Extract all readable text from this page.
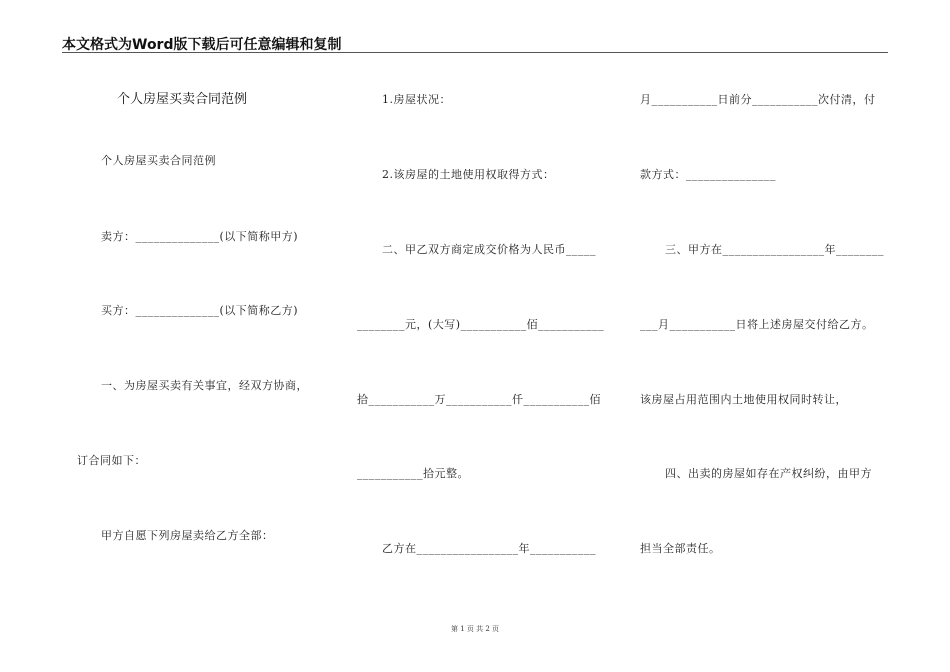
本文格式为Word版下载后可任意编辑和复制
个人房屋买卖合同范例
个人房屋买卖合同范例
卖方：______________(以下简称甲方)
买方：______________(以下简称乙方)
一、为房屋买卖有关事宜，经双方协商，
订合同如下：
甲方自愿下列房屋卖给乙方全部：
1.房屋状况：
2.该房屋的土地使用权取得方式：
二、甲乙双方商定成交价格为人民币_____
________元，(大写)___________佰___________
拾___________万___________仟___________佰
___________拾元整。
乙方在_________________年___________
月___________日前分___________次付清，付
款方式：_______________
三、甲方在_________________年________
___月___________日将上述房屋交付给乙方。
该房屋占用范围内土地使用权同时转让，
四、出卖的房屋如存在产权纠纷，由甲方
担当全部责任。
第 1 页 共 2 页
